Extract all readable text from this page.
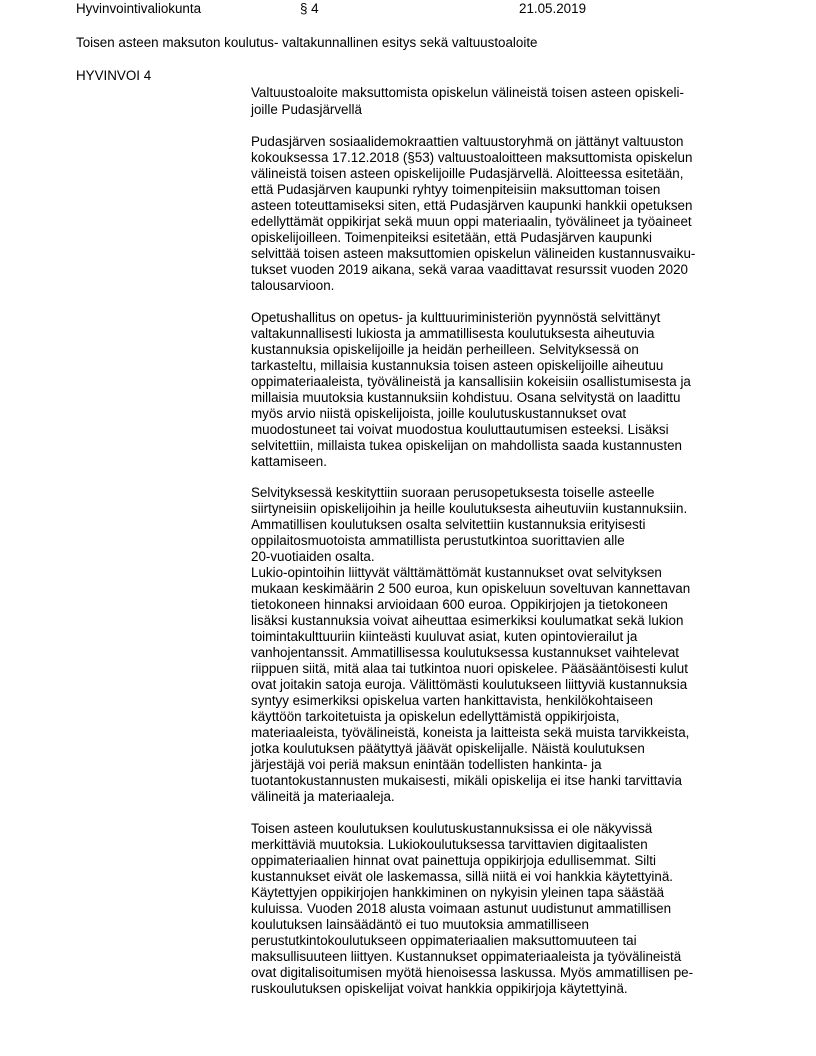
Hyvinvointivaliokunta	§ 4	21.05.2019
Toisen asteen maksuton koulutus- valtakunnallinen esitys sekä valtuustoaloite
HYVINVOI 4
Valtuustoaloite maksuttomista opiskelun välineistä toisen asteen opiskeli-
joille Pudasjärvellä
Pudasjärven sosiaalidemokraattien valtuustoryhmä on jättänyt valtuuston
kokouksessa 17.12.2018 (§53) valtuustoaloitteen maksuttomista opiskelun
välineistä toisen asteen opiskelijoille Pudasjärvellä. Aloitteessa esitetään,
että Pudasjärven kaupunki ryhtyy toimenpiteisiin maksuttoman toisen
asteen toteuttamiseksi siten, että Pudasjärven kaupunki hankkii opetuksen
edellyttämät oppikirjat sekä muun oppi materiaalin, työvälineet ja työaineet
opiskelijoilleen. Toimenpiteiksi esitetään, että Pudasjärven kaupunki
selvittää toisen asteen maksuttomien opiskelun välineiden kustannusvaiku-
tukset vuoden 2019 aikana, sekä varaa vaadittavat resurssit vuoden 2020
talousarvioon.
Opetushallitus on opetus- ja kulttuuriministeriön pyynnöstä selvittänyt
valtakunnallisesti lukiosta ja ammatillisesta koulutuksesta aiheutuvia
kustannuksia opiskelijoille ja heidän perheilleen. Selvityksessä on
tarkasteltu, millaisia kustannuksia toisen asteen opiskelijoille aiheutuu
oppimateriaaleista, työvälineistä ja kansallisiin kokeisiin osallistumisesta ja
millaisia muutoksia kustannuksiin kohdistuu. Osana selvitystä on laadittu
myös arvio niistä opiskelijoista, joille koulutuskustannukset ovat
muodostuneet tai voivat muodostua kouluttautumisen esteeksi. Lisäksi
selvitettiin, millaista tukea opiskelijan on mahdollista saada kustannusten
kattamiseen.
Selvityksessä keskityttiin suoraan perusopetuksesta toiselle asteelle
siirtyneisiin opiskelijoihin ja heille koulutuksesta aiheutuviin kustannuksiin.
Ammatillisen koulutuksen osalta selvitettiin kustannuksia erityisesti
oppilaitosmuotoista ammatillista perustutkintoa suorittavien alle
20-vuotiaiden osalta.
Lukio-opintoihin liittyvät välttämättömät kustannukset ovat selvityksen
mukaan keskimäärin 2 500 euroa, kun opiskeluun soveltuvan kannettavan
tietokoneen hinnaksi arvioidaan 600 euroa. Oppikirjojen ja tietokoneen
lisäksi kustannuksia voivat aiheuttaa esimerkiksi koulumatkat sekä lukion
toimintakulttuuriin kiinteästi kuuluvat asiat, kuten opintovierailut ja
vanhojentanssit. Ammatillisessa koulutuksessa kustannukset vaihtelevat
riippuen siitä, mitä alaa tai tutkintoa nuori opiskelee. Pääsääntöisesti kulut
ovat joitakin satoja euroja. Välittömästi koulutukseen liittyviä kustannuksia
syntyy esimerkiksi opiskelua varten hankittavista, henkilökohtaiseen
käyttöön tarkoitetuista ja opiskelun edellyttämistä oppikirjoista,
materiaaleista, työvälineistä, koneista ja laitteista sekä muista tarvikkeista,
jotka koulutuksen päätyttyä jäävät opiskelijalle. Näistä koulutuksen
järjestäjä voi periä maksun enintään todellisten hankinta- ja
tuotantokustannusten mukaisesti, mikäli opiskelija ei itse hanki tarvittavia
välineitä ja materiaaleja.
Toisen asteen koulutuksen koulutuskustannuksissa ei ole näkyvissä
merkittäviä muutoksia. Lukiokoulutuksessa tarvittavien digitaalisten
oppimateriaalien hinnat ovat painettuja oppikirjoja edullisemmat. Silti
kustannukset eivät ole laskemassa, sillä niitä ei voi hankkia käytettyinä.
Käytettyjen oppikirjojen hankkiminen on nykyisin yleinen tapa säästää
kuluissa. Vuoden 2018 alusta voimaan astunut uudistunut ammatillisen
koulutuksen lainsäädäntö ei tuo muutoksia ammatilliseen
perustutkintokoulutukseen oppimateriaalien maksuttomuuteen tai
maksullisuuteen liittyen. Kustannukset oppimateriaaleista ja työvälineistä
ovat digitalisoitumisen myötä hienoisessa laskussa. Myös ammatillisen pe-
ruskoulutuksen opiskelijat voivat hankkia oppikirjoja käytettyinä.
